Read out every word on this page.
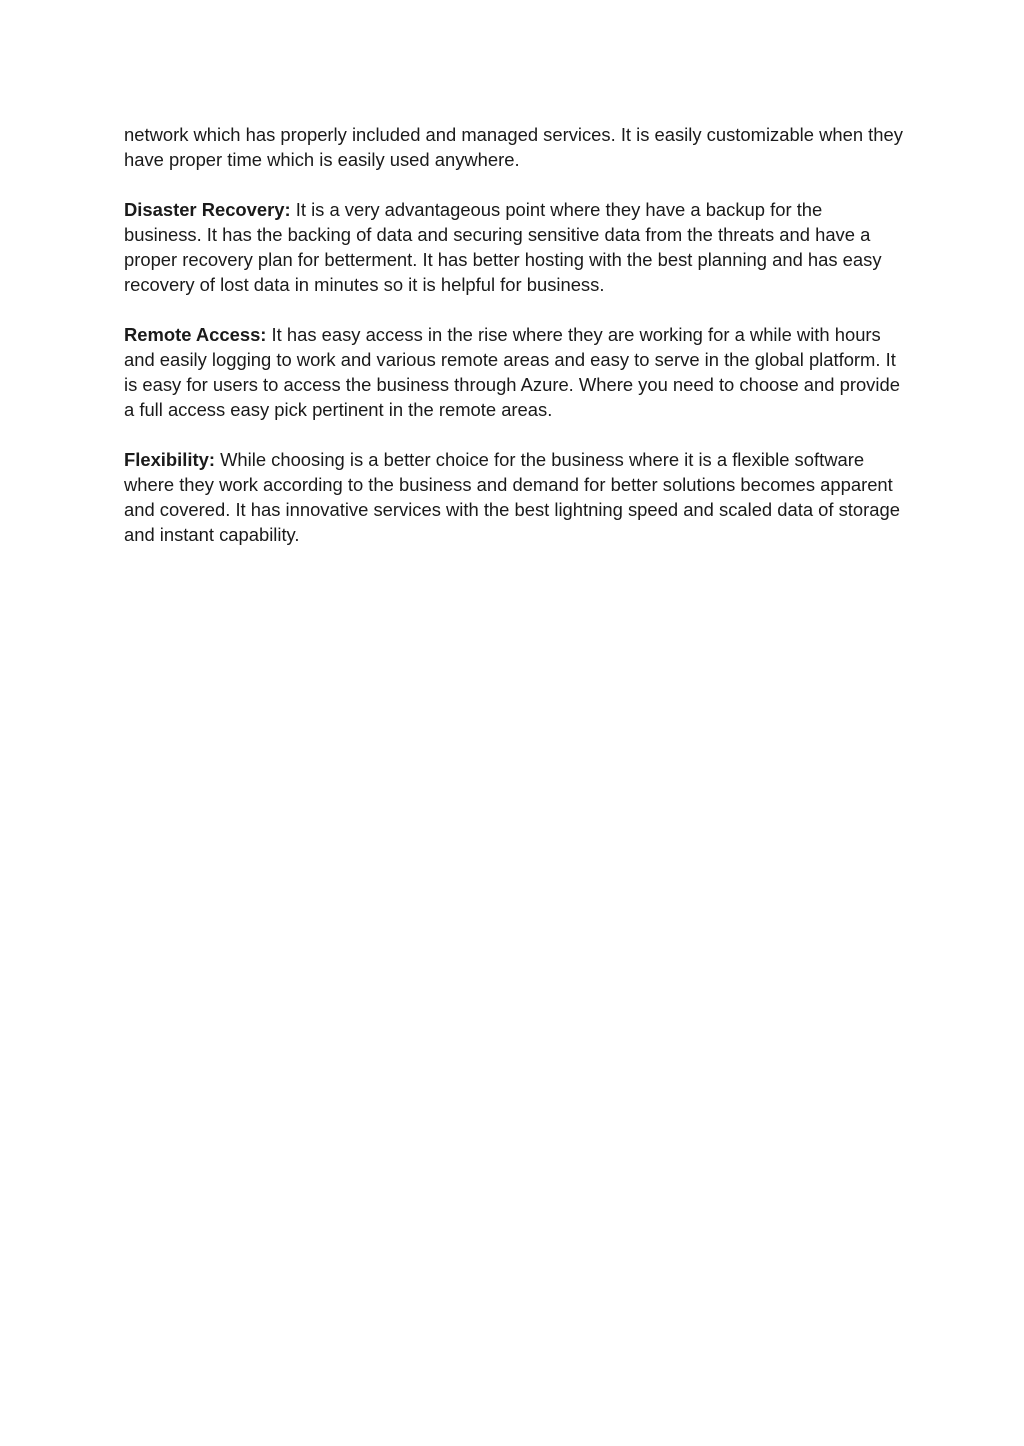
network which has properly included and managed services. It is easily customizable when they have proper time which is easily used anywhere.

Disaster Recovery: It is a very advantageous point where they have a backup for the business. It has the backing of data and securing sensitive data from the threats and have a proper recovery plan for betterment. It has better hosting with the best planning and has easy recovery of lost data in minutes so it is helpful for business.

Remote Access: It has easy access in the rise where they are working for a while with hours and easily logging to work and various remote areas and easy to serve in the global platform. It is easy for users to access the business through Azure. Where you need to choose and provide a full access easy pick pertinent in the remote areas.

Flexibility: While choosing is a better choice for the business where it is a flexible software where they work according to the business and demand for better solutions becomes apparent and covered. It has innovative services with the best lightning speed and scaled data of storage and instant capability.
